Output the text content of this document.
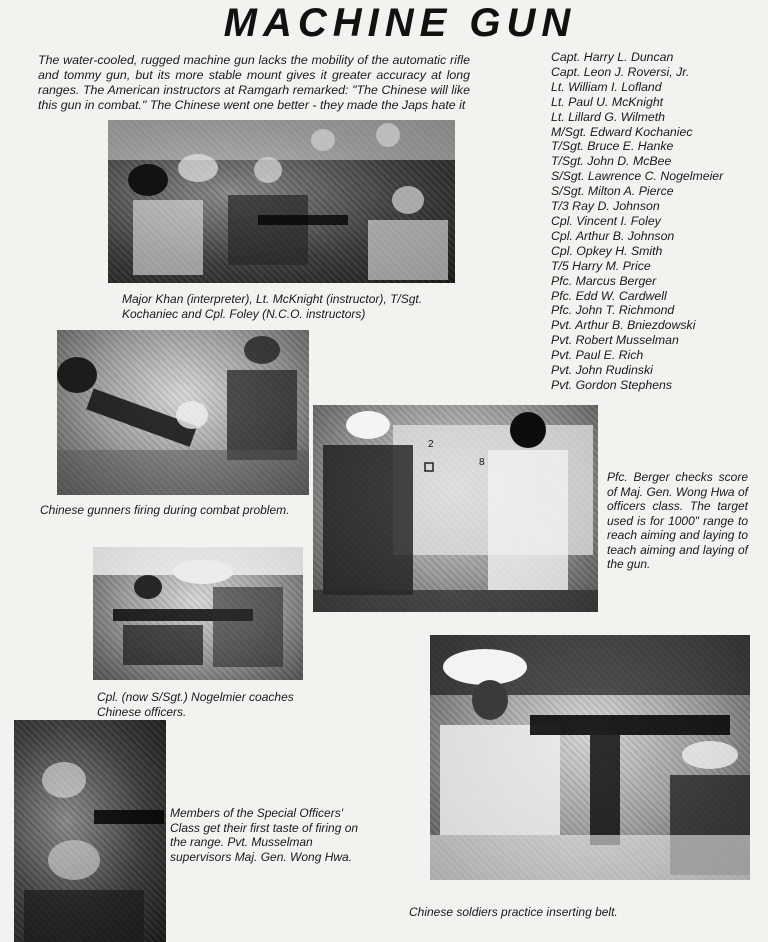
MACHINE GUN
The water-cooled, rugged machine gun lacks the mobility of the automatic rifle and tommy gun, but its more stable mount gives it greater accuracy at long ranges. The American instructors at Ramgarh remarked: "The Chinese will like this gun in combat." The Chinese went one better - they made the Japs hate it
Capt. Harry L. Duncan
Capt. Leon J. Roversi, Jr.
Lt. William I. Lofland
Lt. Paul U. McKnight
Lt. Lillard G. Wilmeth
M/Sgt. Edward Kochaniec
T/Sgt. Bruce E. Hanke
T/Sgt. John D. McBee
S/Sgt. Lawrence C. Nogelmeier
S/Sgt. Milton A. Pierce
T/3 Ray D. Johnson
Cpl. Vincent I. Foley
Cpl. Arthur B. Johnson
Cpl. Opkey H. Smith
T/5 Harry M. Price
Pfc. Marcus Berger
Pfc. Edd W. Cardwell
Pfc. John T. Richmond
Pvt. Arthur B. Bniezdowski
Pvt. Robert Musselman
Pvt. Paul E. Rich
Pvt. John Rudinski
Pvt. Gordon Stephens
Major Khan (interpreter), Lt. McKnight (instructor), T/Sgt. Kochaniec and Cpl. Foley (N.C.O. instructors)
Chinese gunners firing during combat problem.
2
8
Pfc. Berger checks score of Maj. Gen. Wong Hwa of officers class. The target used is for 1000" range to reach aiming and laying to teach aiming and laying of the gun.
Cpl. (now S/Sgt.) Nogelmier coaches Chinese officers.
Members of the Special Officers' Class get their first taste of firing on the range. Pvt. Musselman supervisors Maj. Gen. Wong Hwa.
Chinese soldiers practice inserting belt.
